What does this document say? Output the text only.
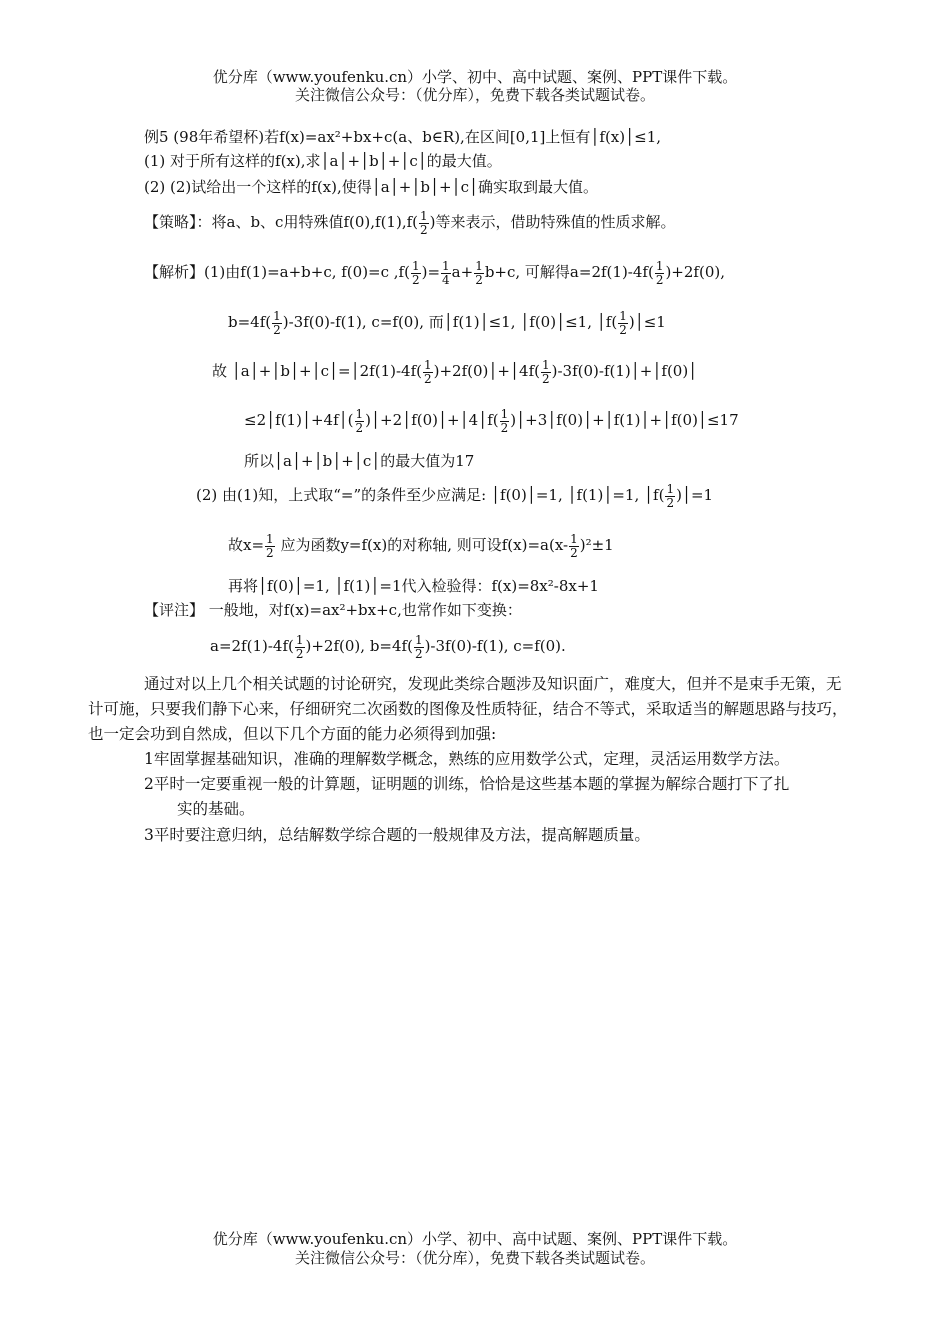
优分库（www.youfenku.cn）小学、初中、高中试题、案例、PPT课件下载。
关注微信公众号：（优分库），免费下载各类试题试卷。
例5 (98年希望杯)若f(x)=ax²+bx+c(a、b∈R),在区间[0,1]上恒有│f(x)│≤1,
(1) 对于所有这样的f(x),求│a│+│b│+│c│的最大值。
(2) (2)试给出一个这样的f(x),使得│a│+│b│+│c│确实取到最大值。
【策略】：将a、b、c用特殊值$f(0),f(1),f( \frac{1}{2}$ )等来表示，借助特殊值的性质求解。
【解析】(1)由f(1)=a+b+c, f(0)=c $,f( \frac{1}{2}$ )= $\frac{1}{4} a+ \frac{1}{2} b+c$, 可解得$a=2f(1)-4f( \frac{1}{2} )+2f(0)$,
$b=4f( \frac{1}{2} )-3f(0)-f(1)$, c=f(0), 而│f(1)│≤1, │f(0)│≤1, │f( $\frac{1}{2}$ )│≤1
故 │a│+│b│+│c│=│2f(1)-4f( $\frac{1}{2}$ )+2f(0)│+│4f( $\frac{1}{2}$ )-3f(0)-f(1)│+│f(0)│
≤2│f(1)│+4f│( $\frac{1}{2}$ )│+2│f(0)│+│4│f( $\frac{1}{2}$ )│+3│f(0)│+│f(1)│+│f(0)│≤17
所以│a│+│b│+│c│的最大值为17
(2) 由(1)知，上式取“=”的条件至少应满足: │f(0)│=1, │f(1)│=1, │f( $\frac{1}{2}$ )│=1
故$x= \frac{1}{2}$ 应为函数y=f(x)的对称轴, 则可设$f(x)=a(x- \frac{1}{2} )^2\pm 1$
再将│f(0)│=1, │f(1)│=1代入检验得：f(x)=8x²-8x+1
【评注】 一般地，对f(x)=ax²+bx+c,也常作如下变换：
$a=2f(1)-4f( \frac{1}{2} )+2f(0)$, $b=4f( \frac{1}{2} )-3f(0)-f(1)$, c=f(0).
通过对以上几个相关试题的讨论研究，发现此类综合题涉及知识面广，难度大，但并不是束手无策，无计可施，只要我们静下心来，仔细研究二次函数的图像及性质特征，结合不等式，采取适当的解题思路与技巧，也一定会功到自然成，但以下几个方面的能力必须得到加强:
1牢固掌握基础知识，准确的理解数学概念，熟练的应用数学公式，定理，灵活运用数学方法。
2平时一定要重视一般的计算题，证明题的训练，恰恰是这些基本题的掌握为解综合题打下了扎
实的基础。
3平时要注意归纳，总结解数学综合题的一般规律及方法，提高解题质量。
优分库（www.youfenku.cn）小学、初中、高中试题、案例、PPT课件下载。
关注微信公众号：（优分库），免费下载各类试题试卷。
